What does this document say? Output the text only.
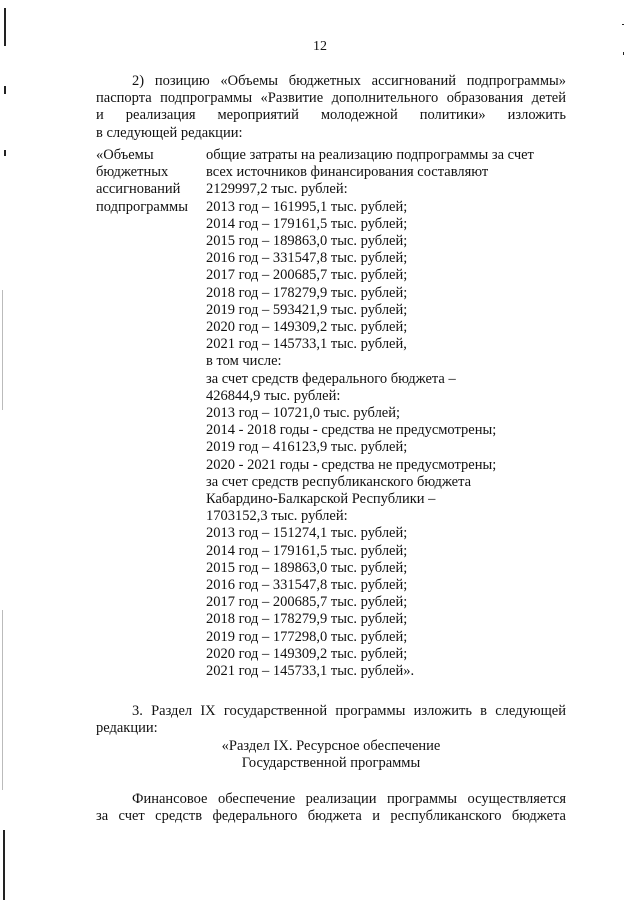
12
2) позицию «Объемы бюджетных ассигнований подпрограммы»
паспорта подпрограммы «Развитие дополнительного образования детей
и реализация мероприятий молодежной политики» изложить
в следующей редакции:
«Объемы
бюджетных
ассигнований
подпрограммы
общие затраты на реализацию подпрограммы за счет
всех источников финансирования составляют
2129997,2 тыс. рублей:
2013 год – 161995,1 тыс. рублей;
2014 год – 179161,5 тыс. рублей;
2015 год – 189863,0 тыс. рублей;
2016 год – 331547,8 тыс. рублей;
2017 год – 200685,7 тыс. рублей;
2018 год – 178279,9 тыс. рублей;
2019 год – 593421,9 тыс. рублей;
2020 год – 149309,2 тыс. рублей;
2021 год – 145733,1 тыс. рублей,
в том числе:
за счет средств федерального бюджета –
426844,9 тыс. рублей:
2013 год – 10721,0 тыс. рублей;
2014 - 2018 годы - средства не предусмотрены;
2019 год – 416123,9 тыс. рублей;
2020 - 2021 годы - средства не предусмотрены;
за счет средств республиканского бюджета
Кабардино-Балкарской Республики –
1703152,3 тыс. рублей:
2013 год – 151274,1 тыс. рублей;
2014 год – 179161,5 тыс. рублей;
2015 год – 189863,0 тыс. рублей;
2016 год – 331547,8 тыс. рублей;
2017 год – 200685,7 тыс. рублей;
2018 год – 178279,9 тыс. рублей;
2019 год – 177298,0 тыс. рублей;
2020 год – 149309,2 тыс. рублей;
2021 год – 145733,1 тыс. рублей».
3. Раздел IX государственной программы изложить в следующей
редакции:
«Раздел IX. Ресурсное обеспечение
Государственной программы
Финансовое обеспечение реализации программы осуществляется
за счет средств федерального бюджета и республиканского бюджета
